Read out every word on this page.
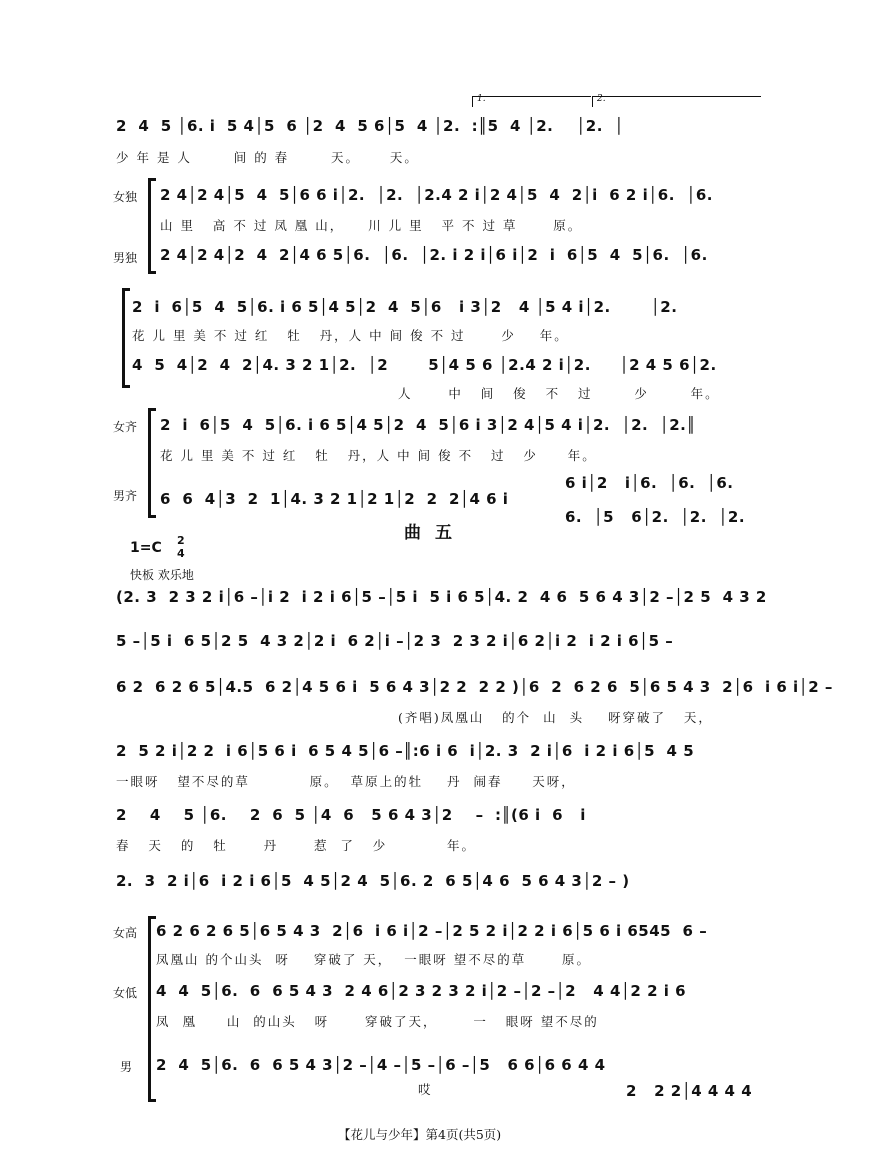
1.	2.
2  4  5 │6. i  5 4│5  6 │2  4  5 6│5  4 │2.  :║5  4 │2.    │2.  │
少 年 是 人       间 的 春       天。     天。
女独
男独
2 4│2 4│5  4  5│6 6 i│2.  │2.  │2.4 2 i│2 4│5  4  2│i  6 2 i│6.  │6.
山 里   高 不 过 凤 凰 山，    川 儿 里   平 不 过 草      原。
2 4│2 4│2  4  2│4 6 5│6.  │6.  │2. i 2 i│6 i│2  i  6│5  4  5│6.  │6.
2  i  6│5  4  5│6. i 6 5│4 5│2  4  5│6   i 3│2   4 │5 4 i│2.       │2.
花 儿 里 美 不 过 红   牡   丹，人 中 间 俊 不 过      少    年。
4  5  4│2  4  2│4. 3 2 1│2.  │2       5│4 5 6 │2.4 2 i│2.     │2 4 5 6│2.
人      中   间   俊   不   过       少       年。
女齐
男齐
2  i  6│5  4  5│6. i 6 5│4 5│2  4  5│6 i 3│2 4│5 4 i│2.  │2.  │2.║
花 儿 里 美 不 过 红   牡   丹，人 中 间 俊 不   过   少     年。
6 i│2   i│6.  │6.  │6.
6  6  4│3  2  1│4. 3 2 1│2 1│2  2  2│4 6 i
6.  │5   6│2.  │2.  │2.
曲五
1=C 2
4
快板 欢乐地
(2. 3  2 3 2 i│6 –│i 2  i 2 i 6│5 –│5 i  5 i 6 5│4. 2  4 6  5 6 4 3│2 –│2 5  4 3 2
5 –│5 i  6 5│2 5  4 3 2│2 i  6 2│i –│2 3  2 3 2 i│6 2│i 2  i 2 i 6│5 –
6 2  6 2 6 5│4.5  6 2│4 5 6 i  5 6 4 3│2 2  2 2 )│6  2  6 2 6  5│6 5 4 3  2│6  i 6 i│2 –
(齐唱)凤凰山   的个  山  头    呀穿破了   天，
2  5 2 i│2 2  i 6│5 6 i  6 5 4 5│6 –║:6 i 6  i│2. 3  2 i│6  i 2 i 6│5  4 5
一眼呀   望不尽的草          原。  草原上的牡    丹  闹春     天呀，
2    4    5 │6.    2  6  5 │4  6   5 6 4 3│2    –  :║(6 i  6   i
春   天   的   牡      丹      惹  了   少          年。
2.  3  2 i│6  i 2 i 6│5  4 5│2 4  5│6. 2  6 5│4 6  5 6 4 3│2 – )
女高
女低
男
6 2 6 2 6 5│6 5 4 3  2│6  i 6 i│2 –│2 5 2 i│2 2 i 6│5 6 i 6545  6 –
凤凰山 的个山头  呀    穿破了 天，  一眼呀 望不尽的草      原。
4  4  5│6.  6  6 5 4 3  2 4 6│2 3 2 3 2 i│2 –│2 –│2   4 4│2 2 i 6
凤  凰     山  的山头   呀      穿破了天，      一   眼呀 望不尽的
2  4  5│6.  6  6 5 4 3│2 –│4 –│5 –│6 –│5   6 6│6 6 4 4
哎	2   2 2│4 4 4 4
【花儿与少年】第4页(共5页)
